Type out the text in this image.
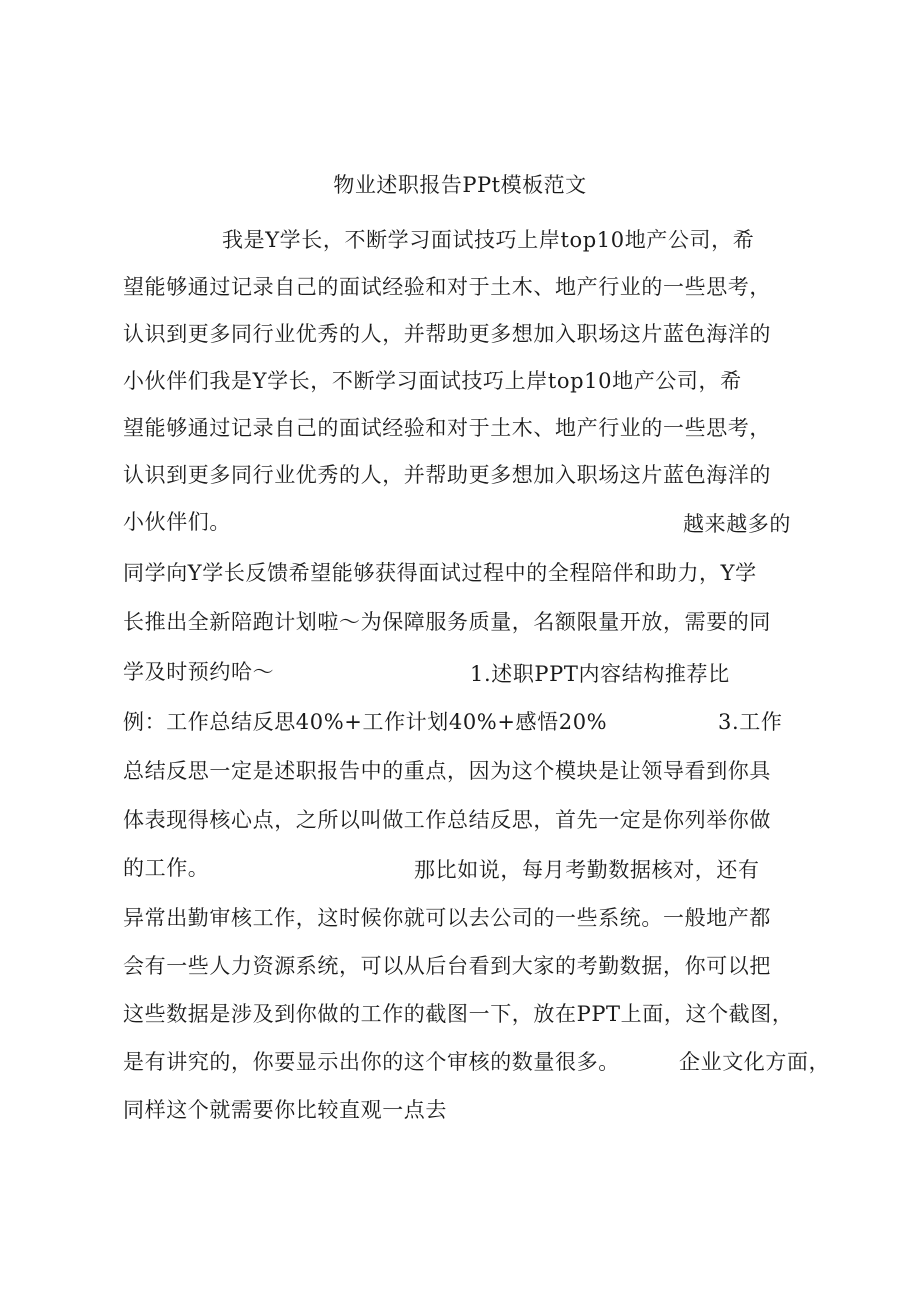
物业述职报告PPt模板范文
我是Y学长，不断学习面试技巧上岸top10地产公司，希
望能够通过记录自己的面试经验和对于土木、地产行业的一些思考，
认识到更多同行业优秀的人，并帮助更多想加入职场这片蓝色海洋的
小伙伴们我是Y学长，不断学习面试技巧上岸top10地产公司，希
望能够通过记录自己的面试经验和对于土木、地产行业的一些思考，
认识到更多同行业优秀的人，并帮助更多想加入职场这片蓝色海洋的
小伙伴们。	越来越多的
同学向Y学长反馈希望能够获得面试过程中的全程陪伴和助力，Y学
长推出全新陪跑计划啦～为保障服务质量，名额限量开放，需要的同
学及时预约哈～	1.述职PPT内容结构推荐比
例：工作总结反思40%+工作计划40%+感悟20%	3.工作
总结反思一定是述职报告中的重点，因为这个模块是让领导看到你具
体表现得核心点，之所以叫做工作总结反思，首先一定是你列举你做
的工作。	那比如说，每月考勤数据核对，还有
异常出勤审核工作，这时候你就可以去公司的一些系统。一般地产都
会有一些人力资源系统，可以从后台看到大家的考勤数据，你可以把
这些数据是涉及到你做的工作的截图一下，放在PPT上面，这个截图，
是有讲究的，你要显示出你的这个审核的数量很多。	企业文化方面，
同样这个就需要你比较直观一点去
